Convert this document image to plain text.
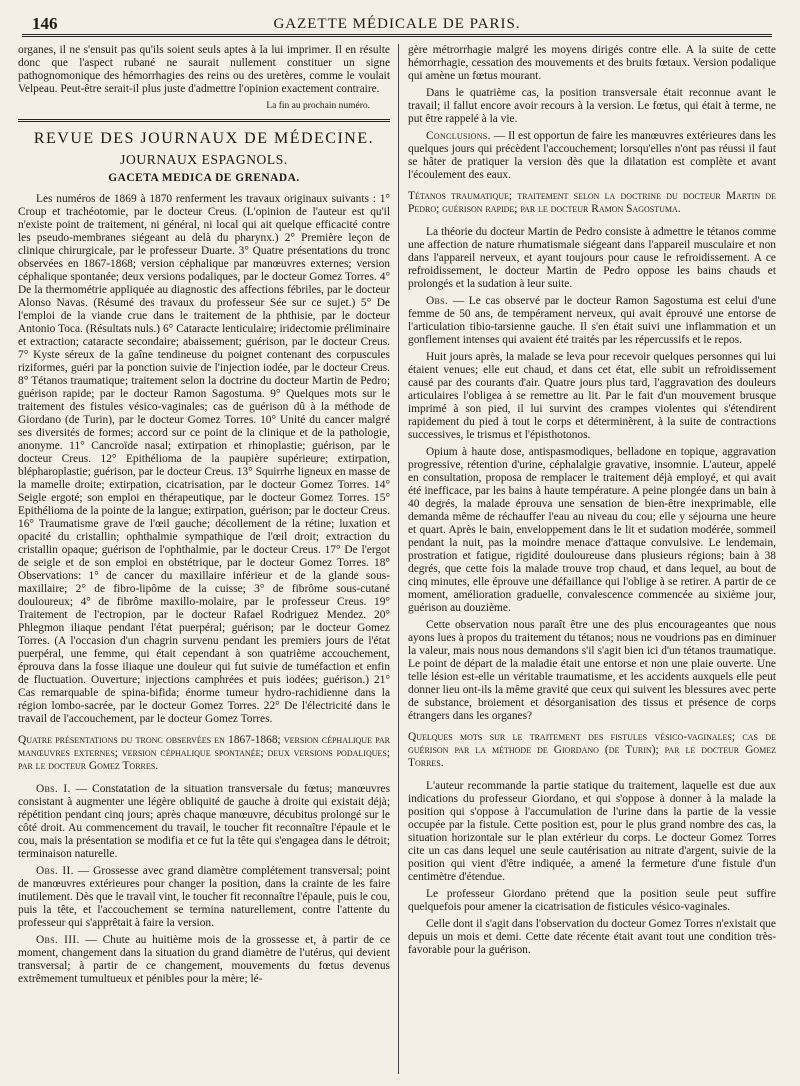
146	GAZETTE MÉDICALE DE PARIS.

organes, il ne s'ensuit pas qu'ils soient seuls aptes à la lui imprimer. Il en résulte donc que l'aspect rubané ne saurait nullement constituer un signe pathognomonique des hémorrhagies des reins ou des uretères, comme le voulait Velpeau. Peut-être serait-il plus juste d'admettre l'opinion exactement contraire.

La fin au prochain numéro.
REVUE DES JOURNAUX DE MÉDECINE.
JOURNAUX ESPAGNOLS.
GACETA MEDICA DE GRENADA.

Les numéros de 1869 à 1870 renferment les travaux originaux suivants : 1° Croup et trachéotomie, par le docteur Creus. (L'opinion de l'auteur est qu'il n'existe point de traitement, ni général, ni local qui ait quelque efficacité contre les pseudo-membranes siégeant au delà du pharynx.) 2° Première leçon de clinique chirurgicale, par le professeur Duarte. 3° Quatre présentations du tronc observées en 1867-1868; version céphalique par manœuvres externes; version céphalique spontanée; deux versions podaliques, par le docteur Gomez Torres. 4° De la thermométrie appliquée au diagnostic des affections fébriles, par le docteur Alonso Navas. (Résumé des travaux du professeur Sée sur ce sujet.) 5° De l'emploi de la viande crue dans le traitement de la phthisie, par le docteur Antonio Toca. (Résultats nuls.) 6° Cataracte lenticulaire; iridectomie préliminaire et extraction; cataracte secondaire; abaissement; guérison, par le docteur Creus. 7° Kyste séreux de la gaîne tendineuse du poignet contenant des corpuscules riziformes, guéri par la ponction suivie de l'injection iodée, par le docteur Creus. 8° Tétanos traumatique; traitement selon la doctrine du docteur Martin de Pedro; guérison rapide; par le docteur Ramon Sagostuma. 9° Quelques mots sur le traitement des fistules vésico-vaginales; cas de guérison dû à la méthode de Giordano (de Turin), par le docteur Gomez Torres. 10° Unité du cancer malgré ses diversités de formes; accord sur ce point de la clinique et de la pathologie, anonyme. 11° Cancroïde nasal; extirpation et rhinoplastie; guérison, par le docteur Creus. 12° Epithélioma de la paupière supérieure; extirpation, blépharoplastie; guérison, par le docteur Creus. 13° Squirrhe ligneux en masse de la mamelle droite; extirpation, cicatrisation, par le docteur Gomez Torres. 14° Seigle ergoté; son emploi en thérapeutique, par le docteur Gomez Torres. 15° Epithélioma de la pointe de la langue; extirpation, guérison; par le docteur Creus. 16° Traumatisme grave de l'œil gauche; décollement de la rétine; luxation et opacité du cristallin; ophthalmie sympathique de l'œil droit; extraction du cristallin opaque; guérison de l'ophthalmie, par le docteur Creus. 17° De l'ergot de seigle et de son emploi en obstétrique, par le docteur Gomez Torres. 18° Observations: 1° de cancer du maxillaire inférieur et de la glande sous-maxillaire; 2° de fibro-lipôme de la cuisse; 3° de fibrôme sous-cutané douloureux; 4° de fibrôme maxillo-molaire, par le professeur Creus. 19° Traitement de l'ectropion, par le docteur Rafael Rodriguez Mendez. 20° Phlegmon iliaque pendant l'état puerpéral; guérison; par le docteur Gomez Torres. (A l'occasion d'un chagrin survenu pendant les premiers jours de l'état puerpéral, une femme, qui était cependant à son quatrième accouchement, éprouva dans la fosse iliaque une douleur qui fut suivie de tuméfaction et enfin de fluctuation. Ouverture; injections camphrées et puis iodées; guérison.) 21° Cas remarquable de spina-bifida; énorme tumeur hydro-rachidienne dans la région lombo-sacrée, par le docteur Gomez Torres. 22° De l'électricité dans le travail de l'accouchement, par le docteur Gomez Torres.

Quatre présentations du tronc observées en 1867-1868; version céphalique par manœuvres externes; version céphalique spontanée; deux versions podaliques; par le docteur Gomez Torres.

Obs. I. — Constatation de la situation transversale du fœtus; manœuvres consistant à augmenter une légère obliquité de gauche à droite qui existait déjà; répétition pendant cinq jours; après chaque manœuvre, décubitus prolongé sur le côté droit. Au commencement du travail, le toucher fit reconnaître l'épaule et le cou, mais la présentation se modifia et ce fut la tête qui s'engagea dans le détroit; terminaison naturelle.

Obs. II. — Grossesse avec grand diamètre complétement transversal; point de manœuvres extérieures pour changer la position, dans la crainte de les faire inutilement. Dès que le travail vint, le toucher fit reconnaître l'épaule, puis le cou, puis la tête, et l'accouchement se termina naturellement, contre l'attente du professeur qui s'apprêtait à faire la version.

Obs. III. — Chute au huitième mois de la grossesse et, à partir de ce moment, changement dans la situation du grand diamètre de l'utérus, qui devient transversal; à partir de ce changement, mouvements du fœtus devenus extrêmement tumultueux et pénibles pour la mère; lé-

gère métrorrhagie malgré les moyens dirigés contre elle. A la suite de cette hémorrhagie, cessation des mouvements et des bruits fœtaux. Version podalique qui amène un fœtus mourant.

Dans le quatrième cas, la position transversale était reconnue avant le travail; il fallut encore avoir recours à la version. Le fœtus, qui était à terme, ne put être rappelé à la vie.

Conclusions. — Il est opportun de faire les manœuvres extérieures dans les quelques jours qui précèdent l'accouchement; lorsqu'elles n'ont pas réussi il faut se hâter de pratiquer la version dès que la dilatation est complète et avant l'écoulement des eaux.

Tétanos traumatique; traitement selon la doctrine du docteur Martin de Pedro; guérison rapide; par le docteur Ramon Sagostuma.

La théorie du docteur Martin de Pedro consiste à admettre le tétanos comme une affection de nature rhumatismale siégeant dans l'appareil musculaire et non dans l'appareil nerveux, et ayant toujours pour cause le refroidissement. A ce refroidissement, le docteur Martin de Pedro oppose les bains chauds et prolongés et la sudation à leur suite.

Obs. — Le cas observé par le docteur Ramon Sagostuma est celui d'une femme de 50 ans, de tempérament nerveux, qui avait éprouvé une entorse de l'articulation tibio-tarsienne gauche. Il s'en était suivi une inflammation et un gonflement intenses qui avaient été traités par les répercussifs et le repos.

Huit jours après, la malade se leva pour recevoir quelques personnes qui lui étaient venues; elle eut chaud, et dans cet état, elle subit un refroidissement causé par des courants d'air. Quatre jours plus tard, l'aggravation des douleurs articulaires l'obligea à se remettre au lit. Par le fait d'un mouvement brusque imprimé à son pied, il lui survint des crampes violentes qui s'étendirent rapidement du pied à tout le corps et déterminèrent, à la suite de contractions successives, le trismus et l'épisthotonos.

Opium à haute dose, antispasmodiques, belladone en topique, aggravation progressive, rétention d'urine, céphalalgie gravative, insomnie. L'auteur, appelé en consultation, proposa de remplacer le traitement déjà employé, et qui avait été inefficace, par les bains à haute température. A peine plongée dans un bain à 40 degrés, la malade éprouva une sensation de bien-être inexprimable, elle demanda même de réchauffer l'eau au niveau du cou; elle y séjourna une heure et quart. Après le bain, enveloppement dans le lit et sudation modérée, sommeil pendant la nuit, pas la moindre menace d'attaque convulsive. Le lendemain, prostration et fatigue, rigidité douloureuse dans plusieurs régions; bain à 38 degrés, que cette fois la malade trouve trop chaud, et dans lequel, au bout de cinq minutes, elle éprouve une défaillance qui l'oblige à se retirer. A partir de ce moment, amélioration graduelle, convalescence commencée au sixième jour, guérison au douzième.

Cette observation nous paraît être une des plus encourageantes que nous ayons lues à propos du traitement du tétanos; nous ne voudrions pas en diminuer la valeur, mais nous nous demandons s'il s'agit bien ici d'un tétanos traumatique. Le point de départ de la maladie était une entorse et non une plaie ouverte. Une telle lésion est-elle un véritable traumatisme, et les accidents auxquels elle peut donner lieu ont-ils la même gravité que ceux qui suivent les blessures avec perte de substance, broiement et désorganisation des tissus et présence de corps étrangers dans les organes?

Quelques mots sur le traitement des fistules vésico-vaginales; cas de guérison par la méthode de Giordano (de Turin); par le docteur Gomez Torres.

L'auteur recommande la partie statique du traitement, laquelle est due aux indications du professeur Giordano, et qui s'oppose à donner à la malade la position qui s'oppose à l'accumulation de l'urine dans la partie de la vessie occupée par la fistule. Cette position est, pour le plus grand nombre des cas, la situation horizontale sur le plan extérieur du corps. Le docteur Gomez Torres cite un cas dans lequel une seule cautérisation au nitrate d'argent, suivie de la position qui vient d'être indiquée, a amené la fermeture d'une fistule d'un centimètre d'étendue.

Le professeur Giordano prétend que la position seule peut suffire quelquefois pour amener la cicatrisation de fisticules vésico-vaginales.

Celle dont il s'agit dans l'observation du docteur Gomez Torres n'existait que depuis un mois et demi. Cette date récente était avant tout une condition très-favorable pour la guérison.
